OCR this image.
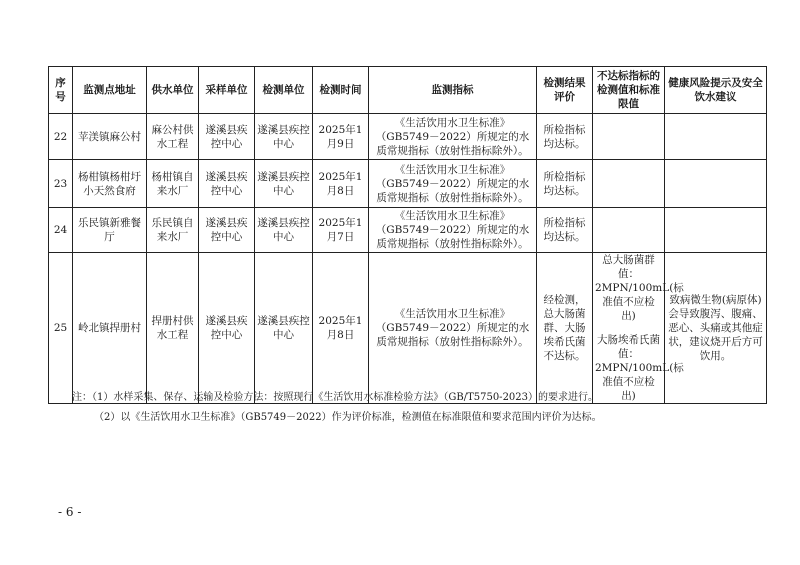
序号	监测点地址	供水单位	采样单位	检测单位	检测时间	监测指标	检测结果评价	不达标指标的检测值和标准限值	健康风险提示及安全饮水建议
22	苹渼镇麻公村	麻公村供水工程	遂溪县疾控中心	遂溪县疾控中心	2025年1月9日	《生活饮用水卫生标准》（GB5749－2022）所规定的水质常规指标（放射性指标除外）。	所检指标均达标。		
23	杨柑镇杨柑圩小天然食府	杨柑镇自来水厂	遂溪县疾控中心	遂溪县疾控中心	2025年1月8日	《生活饮用水卫生标准》（GB5749－2022）所规定的水质常规指标（放射性指标除外）。	所检指标均达标。		
24	乐民镇新雅餐厅	乐民镇自来水厂	遂溪县疾控中心	遂溪县疾控中心	2025年1月7日	《生活饮用水卫生标准》（GB5749－2022）所规定的水质常规指标（放射性指标除外）。	所检指标均达标。		
25	岭北镇捍册村	捍册村供水工程	遂溪县疾控中心	遂溪县疾控中心	2025年1月8日	《生活饮用水卫生标准》（GB5749－2022）所规定的水质常规指标（放射性指标除外）。	经检测，总大肠菌群、大肠埃希氏菌不达标。	总大肠菌群值：
2MPN/100mL(标准值不应检出)
大肠埃希氏菌值：
2MPN/100mL(标准值不应检出)	致病微生物(病原体)会导致腹泻、腹痛、恶心、头痛或其他症状，建议烧开后方可饮用。
注：（1）水样采集、保存、运输及检验方法：按照现行《生活饮用水标准检验方法》（GB/T5750-2023）的要求进行。
（2）以《生活饮用水卫生标准》（GB5749－2022）作为评价标准，检测值在标准限值和要求范围内评价为达标。
- 6 -
